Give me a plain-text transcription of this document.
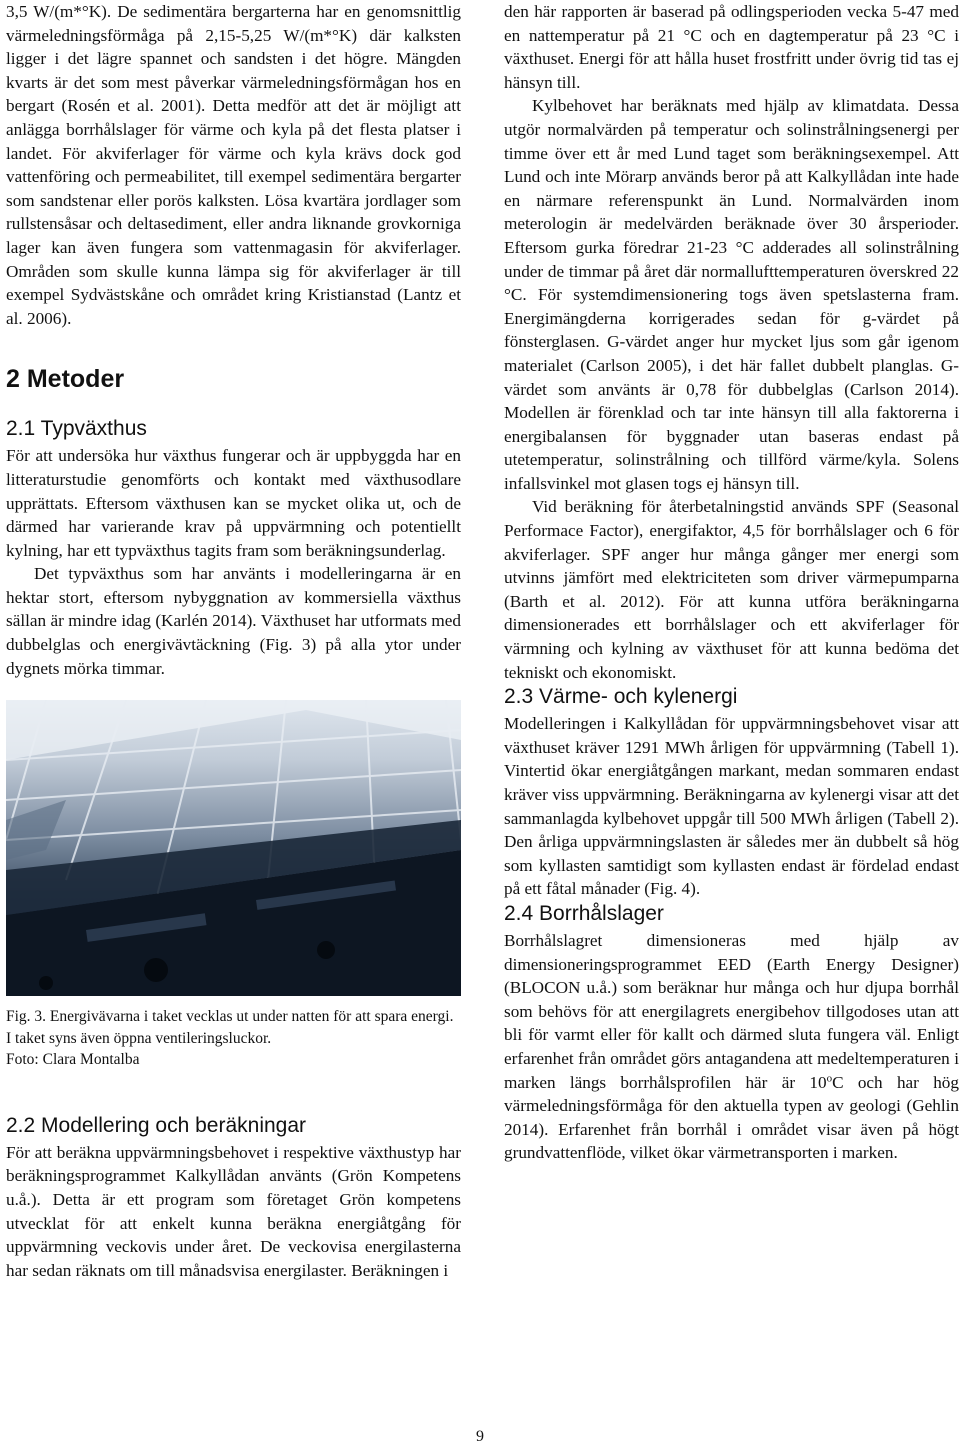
3,5 W/(m*°K). De sedimentära bergarterna har en genomsnittlig värmeledningsförmåga på 2,15-5,25 W/(m*°K) där kalksten ligger i det lägre spannet och sandsten i det högre. Mängden kvarts är det som mest påverkar värmeledningsförmågan hos en bergart (Rosén et al. 2001). Detta medför att det är möjligt att anlägga borrhålslager för värme och kyla på det flesta platser i landet. För akviferlager för värme och kyla krävs dock god vattenföring och permeabilitet, till exempel sedimentära bergarter som sandstenar eller porös kalksten. Lösa kvartära jordlager som rullstensåsar och deltasediment, eller andra liknande grovkorniga lager kan även fungera som vattenmagasin för akviferlager. Områden som skulle kunna lämpa sig för akviferlager är till exempel Sydvästskåne och området kring Kristianstad (Lantz et al. 2006).

2 Metoder
2.1 Typväxthus

För att undersöka hur växthus fungerar och är uppbyggda har en litteraturstudie genomförts och kontakt med växthusodlare upprättats. Eftersom växthusen kan se mycket olika ut, och de därmed har varierande krav på uppvärmning och potentiellt kylning, har ett typväxthus tagits fram som beräkningsunderlag.

Det typväxthus som har använts i modelleringarna är en hektar stort, eftersom nybyggnation av kommersiella växthus sällan är mindre idag (Karlén 2014). Växthuset har utformats med dubbelglas och energivävtäckning (Fig. 3) på alla ytor under dygnets mörka timmar.

Fig. 3. Energivävarna i taket vecklas ut under natten för att spara energi. I taket syns även öppna ventileringsluckor.
Foto: Clara Montalba

2.2 Modellering och beräkningar

För att beräkna uppvärmningsbehovet i respektive växthustyp har beräkningsprogrammet Kalkyllådan använts (Grön Kompetens u.å.). Detta är ett program som företaget Grön kompetens utvecklat för att enkelt kunna beräkna energiåtgång för uppvärmning veckovis under året. De veckovisa energilasterna har sedan räknats om till månadsvisa energilaster. Beräkningen i

den här rapporten är baserad på odlingsperioden vecka 5-47 med en nattemperatur på 21 °C och en dagtemperatur på 23 °C i växthuset. Energi för att hålla huset frostfritt under övrig tid tas ej hänsyn till.

Kylbehovet har beräknats med hjälp av klimatdata. Dessa utgör normalvärden på temperatur och solinstrålningsenergi per timme över ett år med Lund taget som beräkningsexempel. Att Lund och inte Mörarp används beror på att Kalkyllådan inte hade en närmare referenspunkt än Lund. Normalvärden inom meterologin är medelvärden beräknade över 30 årsperioder. Eftersom gurka föredrar 21-23 °C adderades all solinstrålning under de timmar på året där normallufttemperaturen överskred 22 °C. För systemdimensionering togs även spetslasterna fram. Energimängderna korrigerades sedan för g-värdet på fönsterglasen. G-värdet anger hur mycket ljus som går igenom materialet (Carlson 2005), i det här fallet dubbelt planglas. G-värdet som använts är 0,78 för dubbelglas (Carlson 2014). Modellen är förenklad och tar inte hänsyn till alla faktorerna i energibalansen för byggnader utan baseras endast på utetemperatur, solinstrålning och tillförd värme/kyla. Solens infallsvinkel mot glasen togs ej hänsyn till.

Vid beräkning för återbetalningstid används SPF (Seasonal Performace Factor), energifaktor, 4,5 för borrhålslager och 6 för akviferlager. SPF anger hur många gånger mer energi som utvinns jämfört med elektriciteten som driver värmepumparna (Barth et al. 2012). För att kunna utföra beräkningarna dimensionerades ett borrhålslager och ett akviferlager för värmning och kylning av växthuset för att kunna bedöma det tekniskt och ekonomiskt.

2.3 Värme- och kylenergi

Modelleringen i Kalkyllådan för uppvärmningsbehovet visar att växthuset kräver 1291 MWh årligen för uppvärmning (Tabell 1). Vintertid ökar energiåtgången markant, medan sommaren endast kräver viss uppvärmning. Beräkningarna av kylenergi visar att det sammanlagda kylbehovet uppgår till 500 MWh årligen (Tabell 2). Den årliga uppvärmningslasten är således mer än dubbelt så hög som kyllasten samtidigt som kyllasten endast är fördelad endast på ett fåtal månader (Fig. 4).

2.4 Borrhålslager

Borrhålslagret dimensioneras med hjälp av dimensioneringsprogrammet EED (Earth Energy Designer) (BLOCON u.å.) som beräknar hur många och hur djupa borrhål som behövs för att energilagrets energibehov tillgodoses utan att bli för varmt eller för kallt och därmed sluta fungera väl. Enligt erfarenhet från området görs antagandena att medeltemperaturen i marken längs borrhålsprofilen här är 10$^o$C och har hög värmeledningsförmåga för den aktuella typen av geologi (Gehlin 2014). Erfarenhet från borrhål i området visar även på högt grundvattenflöde, vilket ökar värmetransporten i marken.

9
